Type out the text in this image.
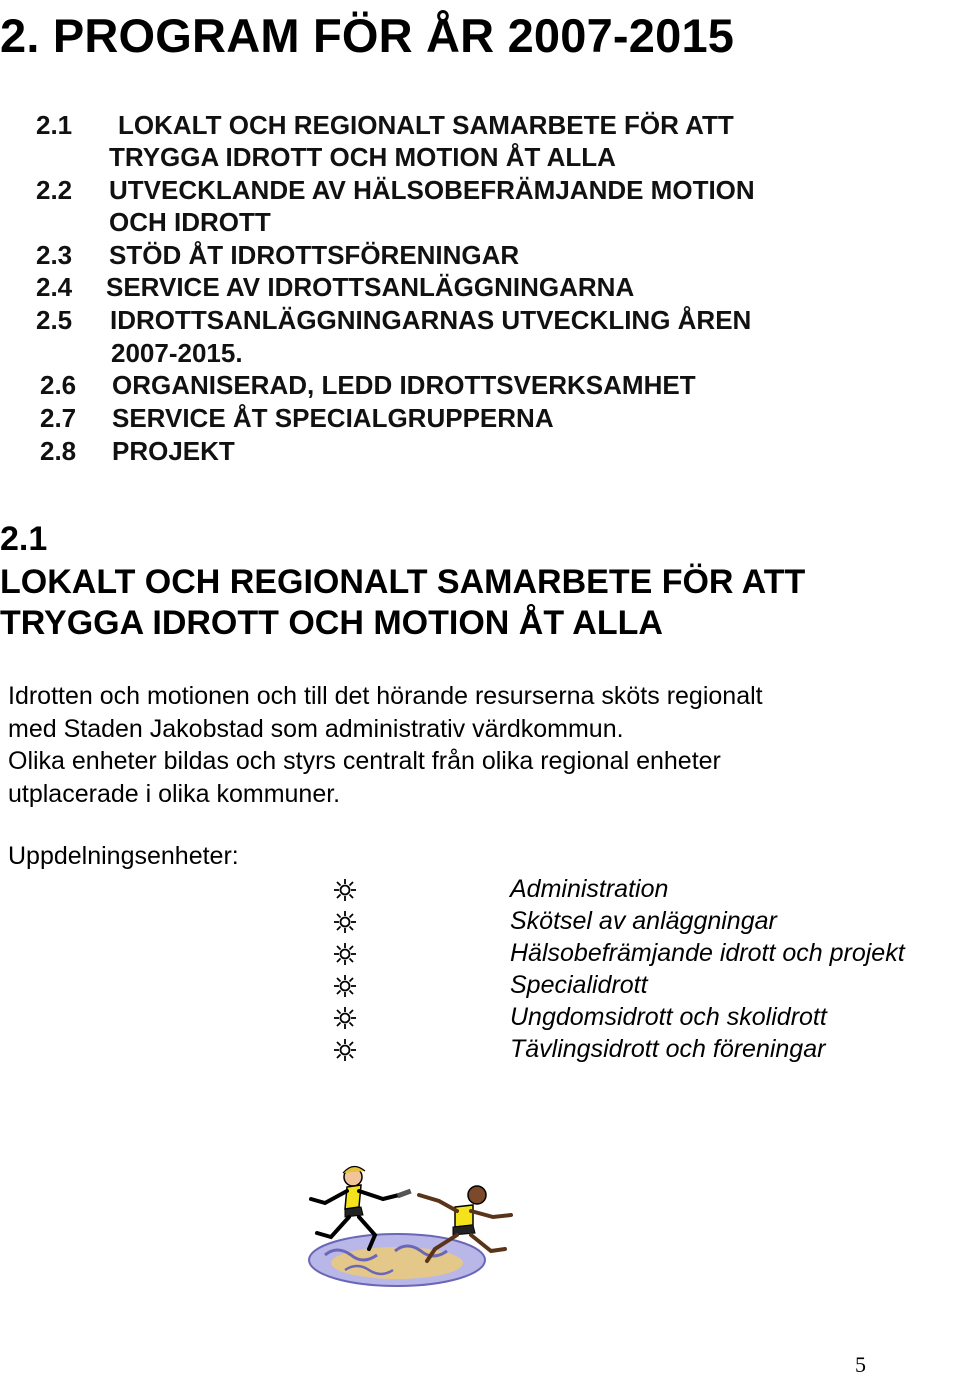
2. PROGRAM FÖR ÅR 2007-2015
2.1 LOKALT OCH REGIONALT SAMARBETE FÖR ATT
TRYGGA IDROTT OCH MOTION ÅT ALLA
2.2 UTVECKLANDE AV HÄLSOBEFRÄMJANDE MOTION
OCH IDROTT
2.3 STÖD ÅT IDROTTSFÖRENINGAR
2.4 SERVICE AV IDROTTSANLÄGGNINGARNA
2.5 IDROTTSANLÄGGNINGARNAS UTVECKLING ÅREN
2007-2015.
2.6 ORGANISERAD, LEDD IDROTTSVERKSAMHET
2.7 SERVICE ÅT SPECIALGRUPPERNA
2.8 PROJEKT
2.1
LOKALT OCH REGIONALT SAMARBETE FÖR ATT
TRYGGA IDROTT OCH MOTION ÅT ALLA
Idrotten och motionen och till det hörande resurserna sköts regionalt
med Staden Jakobstad som administrativ värdkommun.
Olika enheter bildas och styrs centralt från olika regional enheter
utplacerade i olika kommuner.
Uppdelningsenheter:
Administration
Skötsel av anläggningar
Hälsobefrämjande idrott och projekt
Specialidrott
Ungdomsidrott och skolidrott
Tävlingsidrott och föreningar
5
